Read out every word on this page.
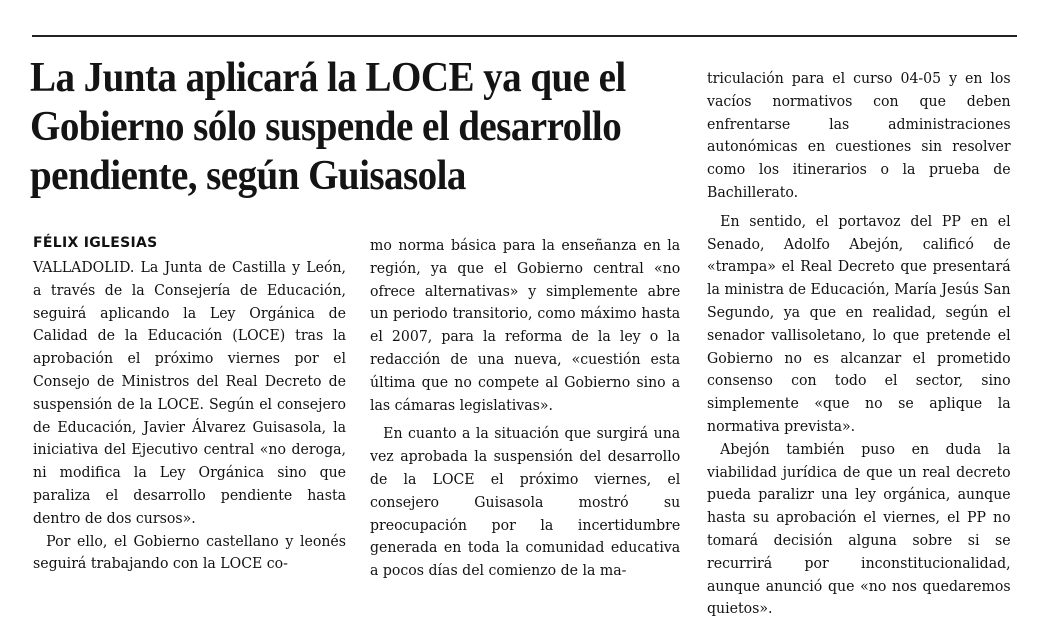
La Junta aplicará la LOCE ya que el Gobierno sólo suspende el desarrollo pendiente, según Guisasola
FÉLIX IGLESIAS

VALLADOLID. La Junta de Castilla y León, a través de la Consejería de Educación, seguirá aplicando la Ley Orgánica de Calidad de la Educación (LOCE) tras la aprobación el próximo viernes por el Consejo de Ministros del Real Decreto de suspensión de la LOCE. Según el consejero de Educación, Javier Álvarez Guisasola, la iniciativa del Ejecutivo central «no deroga, ni modifica la Ley Orgánica sino que paraliza el desarrollo pendiente hasta dentro de dos cursos».

Por ello, el Gobierno castellano y leonés seguirá trabajando con la LOCE co-

mo norma básica para la enseñanza en la región, ya que el Gobierno central «no ofrece alternativas» y simplemente abre un periodo transitorio, como máximo hasta el 2007, para la reforma de la ley o la redacción de una nueva, «cuestión esta última que no compete al Gobierno sino a las cámaras legislativas».

En cuanto a la situación que surgirá una vez aprobada la suspensión del desarrollo de la LOCE el próximo viernes, el consejero Guisasola mostró su preocupación por la incertidumbre generada en toda la comunidad educativa a pocos días del comienzo de la ma-

triculación para el curso 04-05 y en los vacíos normativos con que deben enfrentarse las administraciones autonómicas en cuestiones sin resolver como los itinerarios o la prueba de Bachillerato.

En sentido, el portavoz del PP en el Senado, Adolfo Abejón, calificó de «trampa» el Real Decreto que presentará la ministra de Educación, María Jesús San Segundo, ya que en realidad, según el senador vallisoletano, lo que pretende el Gobierno no es alcanzar el prometido consenso con todo el sector, sino simplemente «que no se aplique la normativa prevista».

Abejón también puso en duda la viabilidad jurídica de que un real decreto pueda paralizr una ley orgánica, aunque hasta su aprobación el viernes, el PP no tomará decisión alguna sobre si se recurrirá por inconstitucionalidad, aunque anunció que «no nos quedaremos quietos».
